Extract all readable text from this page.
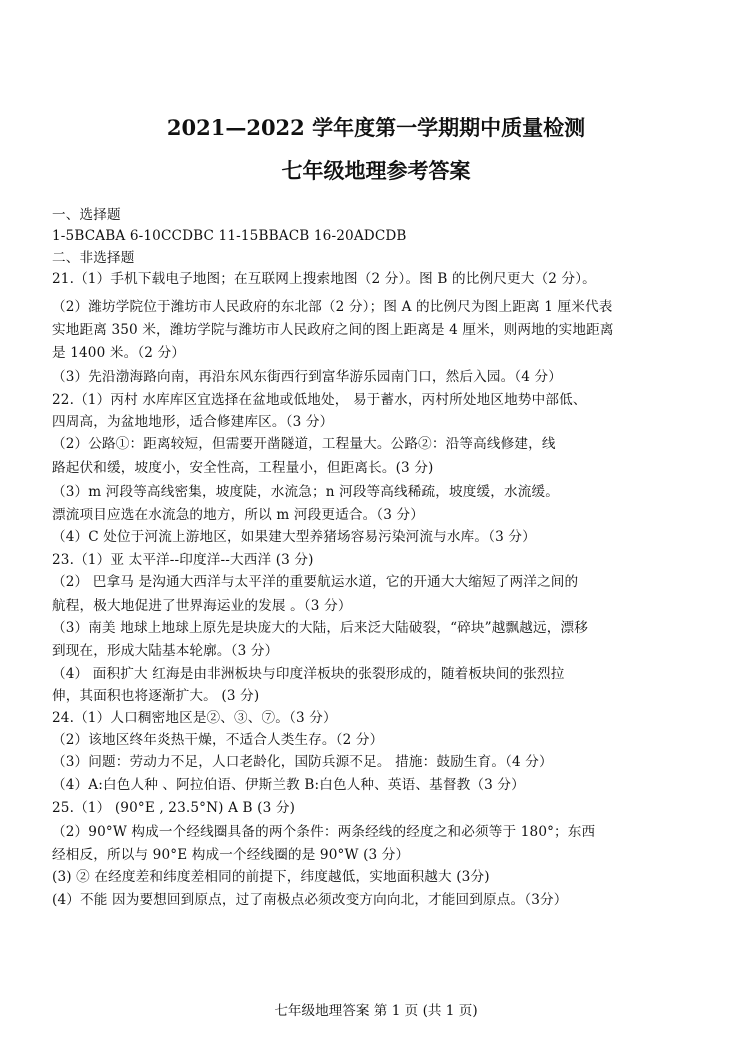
2021—2022 学年度第一学期期中质量检测
七年级地理参考答案
一、选择题
1-5BCABA 6-10CCDBC 11-15BBACB 16-20ADCDB
二、非选择题
21.（1）手机下载电子地图；在互联网上搜索地图（2 分）。图 B 的比例尺更大（2 分）。
（2）潍坊学院位于潍坊市人民政府的东北部（2 分）；图 A 的比例尺为图上距离 1 厘米代表
实地距离 350 米，潍坊学院与潍坊市人民政府之间的图上距离是 4 厘米，则两地的实地距离
是 1400 米。（2 分）
（3）先沿渤海路向南，再沿东风东街西行到富华游乐园南门口，然后入园。（4 分）
22.（1）丙村 水库库区宜选择在盆地或低地处， 易于蓄水，丙村所处地区地势中部低、
四周高，为盆地地形，适合修建库区。（3 分）
（2）公路①：距离较短，但需要开凿隧道，工程量大。公路②：沿等高线修建，线
路起伏和缓，坡度小，安全性高，工程量小，但距离长。(3 分)
（3）m 河段等高线密集，坡度陡，水流急；n 河段等高线稀疏，坡度缓，水流缓。
漂流项目应选在水流急的地方，所以 m 河段更适合。（3 分）
（4）C 处位于河流上游地区，如果建大型养猪场容易污染河流与水库。（3 分）
23.（1）亚 太平洋--印度洋--大西洋 (3 分)
（2） 巴拿马 是沟通大西洋与太平洋的重要航运水道，它的开通大大缩短了两洋之间的
航程，极大地促进了世界海运业的发展 。（3 分）
（3）南美 地球上地球上原先是块庞大的大陆，后来泛大陆破裂，“碎块”越飘越远，漂移
到现在，形成大陆基本轮廓。（3 分）
（4） 面积扩大 红海是由非洲板块与印度洋板块的张裂形成的，随着板块间的张烈拉
伸，其面积也将逐渐扩大。 (3 分)
24.（1）人口稠密地区是②、③、⑦。（3 分）
（2）该地区终年炎热干燥，不适合人类生存。（2 分）
（3）问题：劳动力不足，人口老龄化，国防兵源不足。 措施：鼓励生育。（4 分）
（4）A:白色人种 、阿拉伯语、伊斯兰教 B:白色人种、英语、基督教（3 分）
25.（1） (90°E , 23.5°N) A B (3 分)
（2）90°W 构成一个经线圈具备的两个条件：两条经线的经度之和必须等于 180°；东西
经相反，所以与 90°E 构成一个经线圈的是 90°W (3 分）
(3) ② 在经度差和纬度差相同的前提下，纬度越低，实地面积越大 (3分)
(4）不能 因为要想回到原点，过了南极点必须改变方向向北，才能回到原点。（3分）
七年级地理答案 第 1 页 (共 1 页)
